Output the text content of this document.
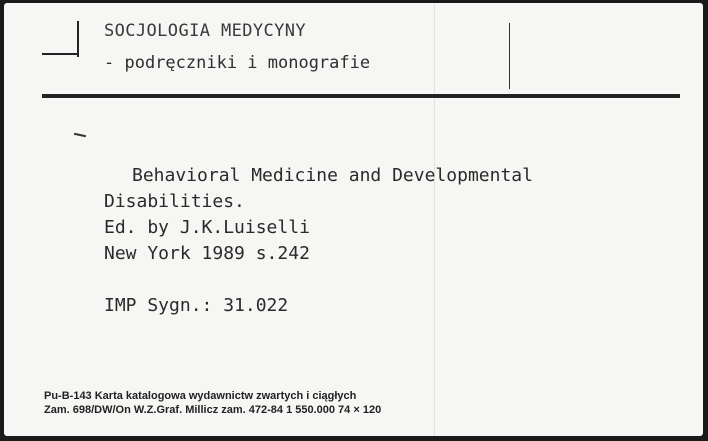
SOCJOLOGIA MEDYCYNY
- podręczniki i monografie
Behavioral Medicine and Developmental
Disabilities.
Ed. by J.K.Luiselli
New York 1989 s.242
IMP Sygn.: 31.022
Pu-B-143 Karta katalogowa wydawnictw zwartych i ciągłych
Zam. 698/DW/On W.Z.Graf. Millicz zam. 472-84 1 550.000 74 × 120
